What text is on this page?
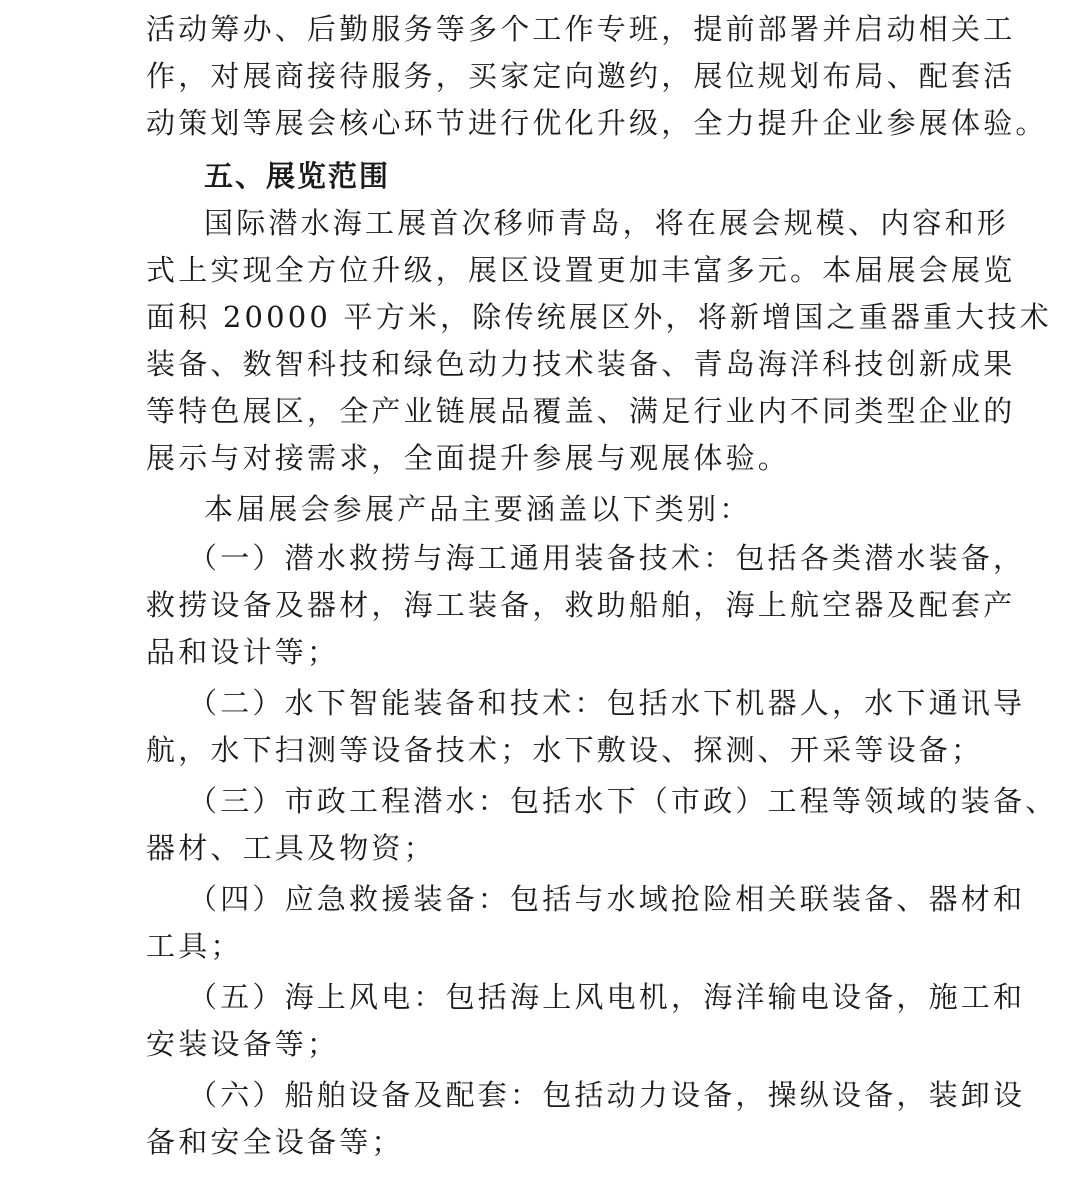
活动筹办、后勤服务等多个工作专班，提前部署并启动相关工
作，对展商接待服务，买家定向邀约，展位规划布局、配套活
动策划等展会核心环节进行优化升级，全力提升企业参展体验。
五、展览范围
国际潜水海工展首次移师青岛，将在展会规模、内容和形
式上实现全方位升级，展区设置更加丰富多元。本届展会展览
面积 20000 平方米，除传统展区外，将新增国之重器重大技术
装备、数智科技和绿色动力技术装备、青岛海洋科技创新成果
等特色展区，全产业链展品覆盖、满足行业内不同类型企业的
展示与对接需求，全面提升参展与观展体验。
本届展会参展产品主要涵盖以下类别：
（一）潜水救捞与海工通用装备技术：包括各类潜水装备，
救捞设备及器材，海工装备，救助船舶，海上航空器及配套产
品和设计等；
（二）水下智能装备和技术：包括水下机器人，水下通讯导
航，水下扫测等设备技术；水下敷设、探测、开采等设备；
（三）市政工程潜水：包括水下（市政）工程等领域的装备、
器材、工具及物资；
（四）应急救援装备：包括与水域抢险相关联装备、器材和
工具；
（五）海上风电：包括海上风电机，海洋输电设备，施工和
安装设备等；
（六）船舶设备及配套：包括动力设备，操纵设备，装卸设
备和安全设备等；
